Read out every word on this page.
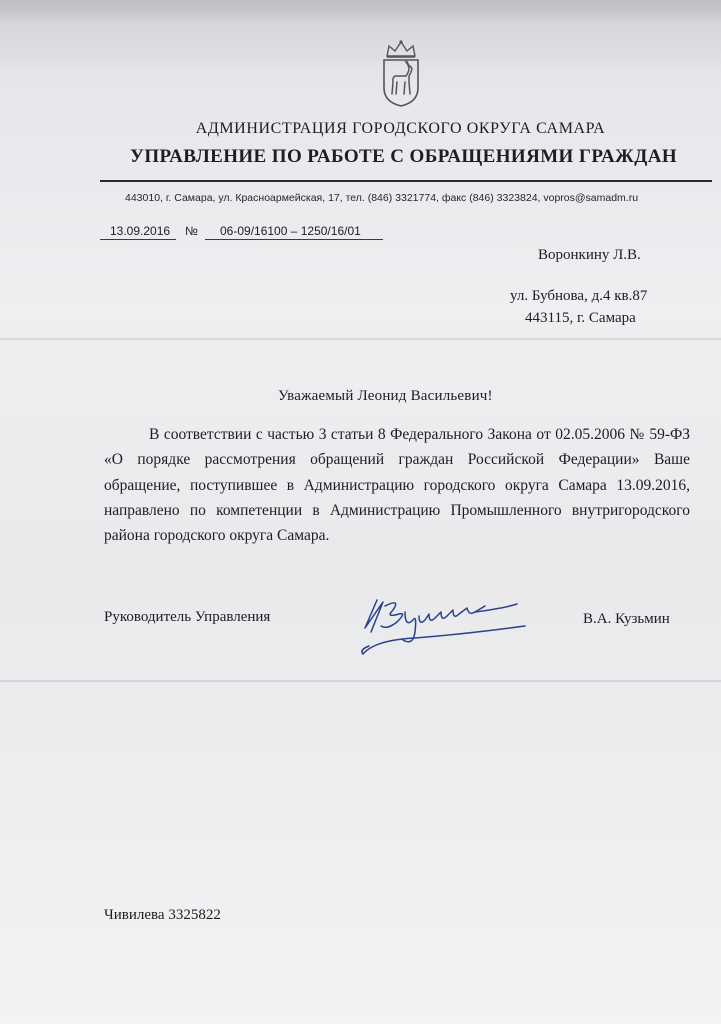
АДМИНИСТРАЦИЯ ГОРОДСКОГО ОКРУГА САМАРА
УПРАВЛЕНИЕ ПО РАБОТЕ С ОБРАЩЕНИЯМИ ГРАЖДАН
443010, г. Самара, ул. Красноармейская, 17, тел. (846) 3321774, факс (846) 3323824, vopros@samadm.ru
13.09.2016 № 06-09/16100 – 1250/16/01
Воронкину Л.В.
ул. Бубнова, д.4 кв.87
443115, г. Самара
Уважаемый Леонид Васильевич!

В соответствии с частью 3 статьи 8 Федерального Закона от 02.05.2006 № 59-ФЗ «О порядке рассмотрения обращений граждан Российской Федерации» Ваше обращение, поступившее в Администрацию городского округа Самара 13.09.2016, направлено по компетенции в Администрацию Промышленного внутригородского района городского округа Самара.

Руководитель Управления	В.А. Кузьмин
Чивилева 3325822
